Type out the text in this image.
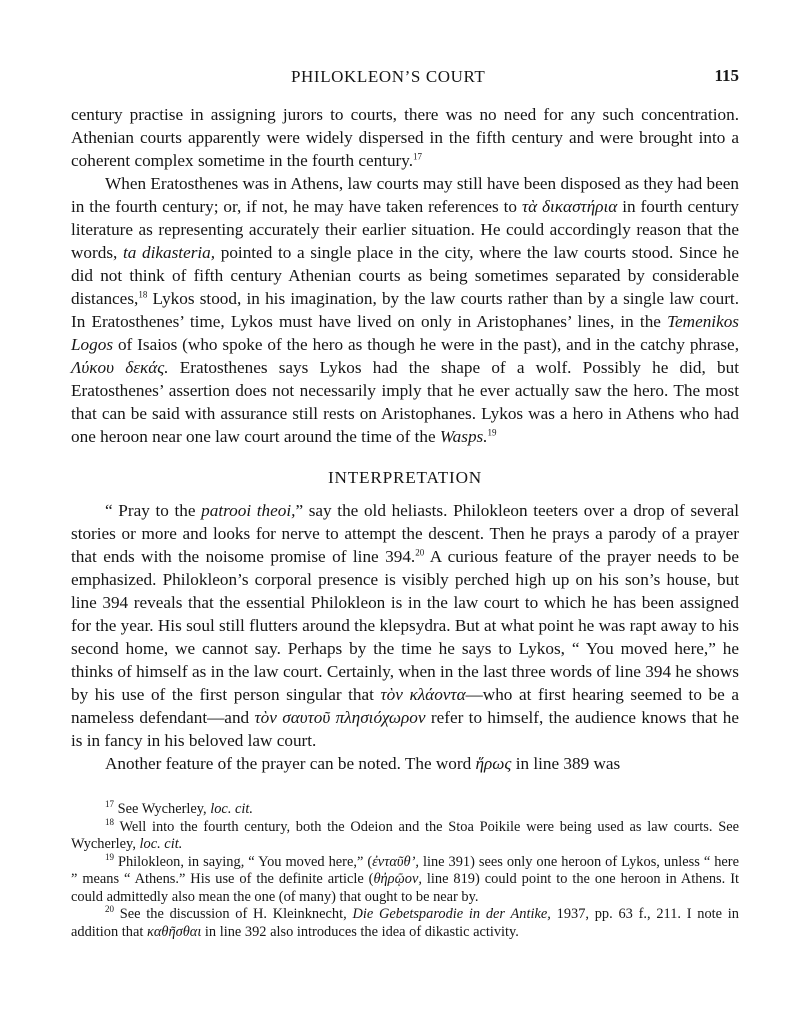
PHILOKLEON’S COURT	115

century practise in assigning jurors to courts, there was no need for any such concentration. Athenian courts apparently were widely dispersed in the fifth century and were brought into a coherent complex sometime in the fourth century.$^{17}$

When Eratosthenes was in Athens, law courts may still have been disposed as they had been in the fourth century; or, if not, he may have taken references to τὰ δικαστήρια in fourth century literature as representing accurately their earlier situation. He could accordingly reason that the words, ta dikasteria, pointed to a single place in the city, where the law courts stood. Since he did not think of fifth century Athenian courts as being sometimes separated by considerable distances,$^{18}$ Lykos stood, in his imagination, by the law courts rather than by a single law court. In Eratosthenes’ time, Lykos must have lived on only in Aristophanes’ lines, in the Temenikos Logos of Isaios (who spoke of the hero as though he were in the past), and in the catchy phrase, Λύκου δεκάς. Eratosthenes says Lykos had the shape of a wolf. Possibly he did, but Eratosthenes’ assertion does not necessarily imply that he ever actually saw the hero. The most that can be said with assurance still rests on Aristophanes. Lykos was a hero in Athens who had one heroon near one law court around the time of the Wasps.$^{19}$

INTERPRETATION

“ Pray to the patrooi theoi,” say the old heliasts. Philokleon teeters over a drop of several stories or more and looks for nerve to attempt the descent. Then he prays a parody of a prayer that ends with the noisome promise of line 394.20 A curious feature of the prayer needs to be emphasized. Philokleon’s corporal presence is visibly perched high up on his son’s house, but line 394 reveals that the essential Philokleon is in the law court to which he has been assigned for the year. His soul still flutters around the klepsydra. But at what point he was rapt away to his second home, we cannot say. Perhaps by the time he says to Lykos, “ You moved here,” he thinks of himself as in the law court. Certainly, when in the last three words of line 394 he shows by his use of the first person singular that τὸν κλάοντα—who at first hearing seemed to be a nameless defendant—and τὸν σαυτοῦ πλησιόχωρον refer to himself, the audience knows that he is in fancy in his beloved law court.

Another feature of the prayer can be noted. The word ἥρως in line 389 was

$^{17}$ See Wycherley, loc. cit.

$^{18}$ Well into the fourth century, both the Odeion and the Stoa Poikile were being used as law courts. See Wycherley, loc. cit.

$^{19}$ Philokleon, in saying, “ You moved here,” (ἐνταῦθ’, line 391) sees only one heroon of Lykos, unless “ here ” means “ Athens.” His use of the definite article (θἠρῷον, line 819) could point to the one heroon in Athens. It could admittedly also mean the one (of many) that ought to be near by.

$^{20}$ See the discussion of H. Kleinknecht, Die Gebetsparodie in der Antike, 1937, pp. 63 f., 211. I note in addition that καθῆσθαι in line 392 also introduces the idea of dikastic activity.
